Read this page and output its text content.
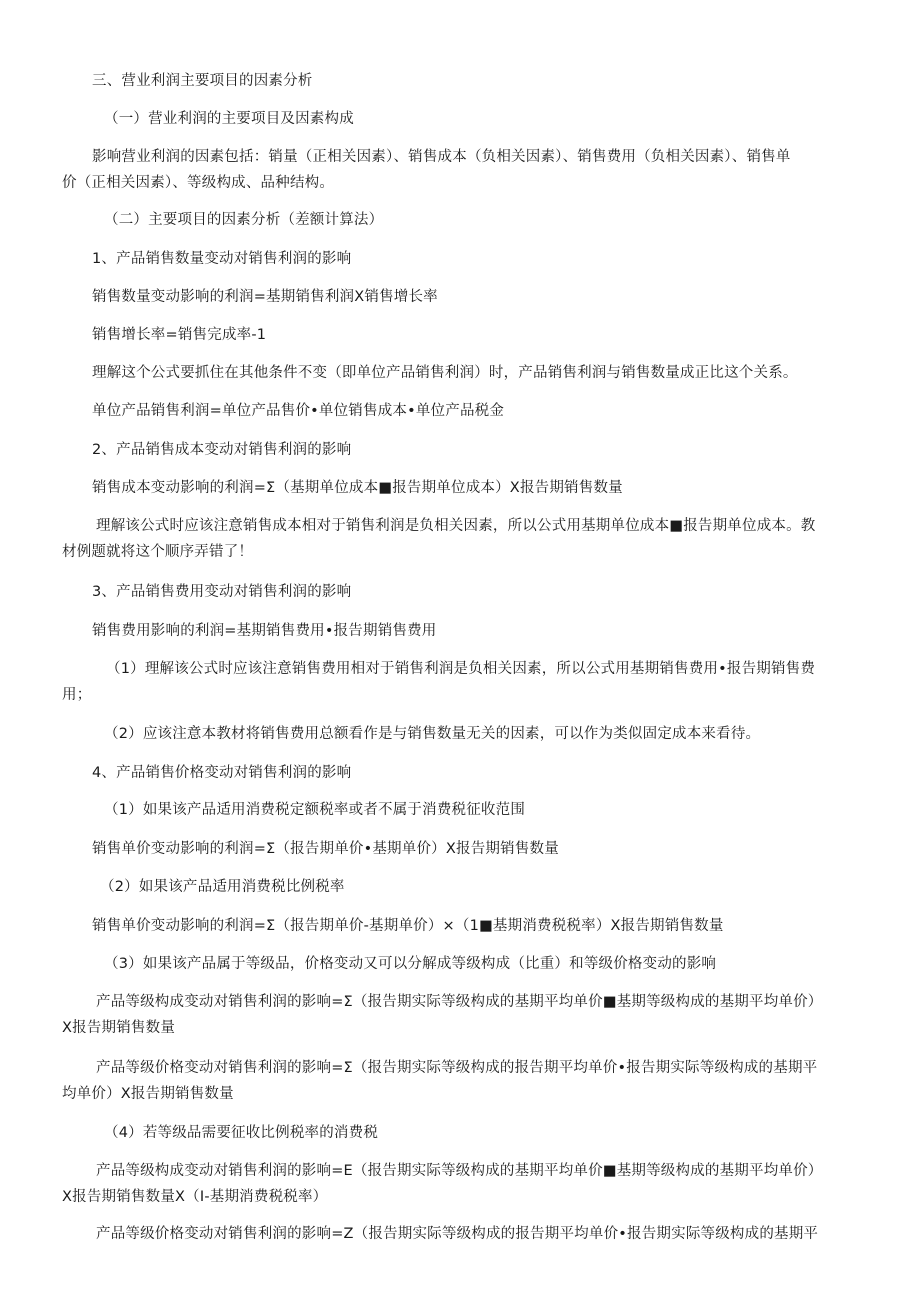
三、营业利润主要项目的因素分析
（一）营业利润的主要项目及因素构成
影响营业利润的因素包括：销量（正相关因素）、销售成本（负相关因素）、销售费用（负相关因素）、销售单
价（正相关因素）、等级构成、品种结构。
（二）主要项目的因素分析（差额计算法）
1、产品销售数量变动对销售利润的影响
销售数量变动影响的利润=基期销售利润X销售增长率
销售增长率=销售完成率-1
理解这个公式要抓住在其他条件不变（即单位产品销售利润）时，产品销售利润与销售数量成正比这个关系。
单位产品销售利润=单位产品售价•单位销售成本•单位产品税金
2、产品销售成本变动对销售利润的影响
销售成本变动影响的利润=Σ（基期单位成本■报告期单位成本）X报告期销售数量
理解该公式时应该注意销售成本相对于销售利润是负相关因素，所以公式用基期单位成本■报告期单位成本。教
材例题就将这个顺序弄错了！
3、产品销售费用变动对销售利润的影响
销售费用影响的利润=基期销售费用•报告期销售费用
（1）理解该公式时应该注意销售费用相对于销售利润是负相关因素，所以公式用基期销售费用•报告期销售费
用；
（2）应该注意本教材将销售费用总额看作是与销售数量无关的因素，可以作为类似固定成本来看待。
4、产品销售价格变动对销售利润的影响
（1）如果该产品适用消费税定额税率或者不属于消费税征收范围
销售单价变动影响的利润=Σ（报告期单价•基期单价）X报告期销售数量
（2）如果该产品适用消费税比例税率
销售单价变动影响的利润=Σ（报告期单价-基期单价）×（1■基期消费税税率）X报告期销售数量
（3）如果该产品属于等级品，价格变动又可以分解成等级构成（比重）和等级价格变动的影响
产品等级构成变动对销售利润的影响=Σ（报告期实际等级构成的基期平均单价■基期等级构成的基期平均单价）
X报告期销售数量
产品等级价格变动对销售利润的影响=Σ（报告期实际等级构成的报告期平均单价•报告期实际等级构成的基期平
均单价）X报告期销售数量
（4）若等级品需要征收比例税率的消费税
产品等级构成变动对销售利润的影响=E（报告期实际等级构成的基期平均单价■基期等级构成的基期平均单价）
X报告期销售数量X（I-基期消费税税率）
产品等级价格变动对销售利润的影响=Z（报告期实际等级构成的报告期平均单价•报告期实际等级构成的基期平
